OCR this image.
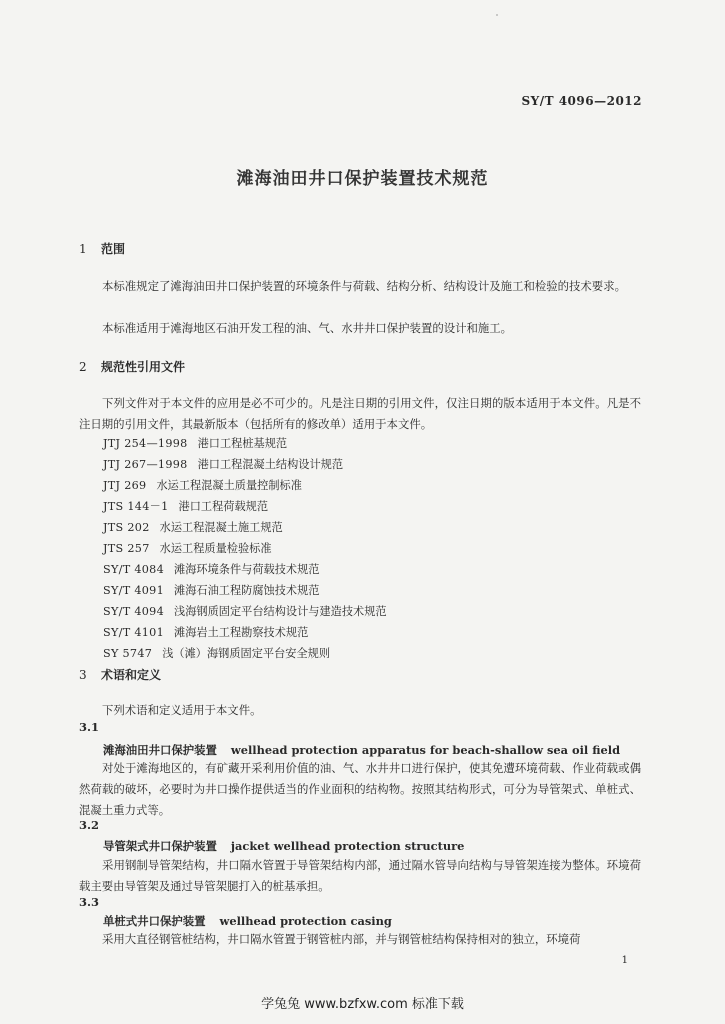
SY/T 4096—2012
滩海油田井口保护装置技术规范
1 范围
本标准规定了滩海油田井口保护装置的环境条件与荷载、结构分析、结构设计及施工和检验的技术要求。
本标准适用于滩海地区石油开发工程的油、气、水井井口保护装置的设计和施工。
2 规范性引用文件
下列文件对于本文件的应用是必不可少的。凡是注日期的引用文件，仅注日期的版本适用于本文件。凡是不注日期的引用文件，其最新版本（包括所有的修改单）适用于本文件。
JTJ 254—1998 港口工程桩基规范
JTJ 267—1998 港口工程混凝土结构设计规范
JTJ 269 水运工程混凝土质量控制标准
JTS 144－1 港口工程荷载规范
JTS 202 水运工程混凝土施工规范
JTS 257 水运工程质量检验标准
SY/T 4084 滩海环境条件与荷载技术规范
SY/T 4091 滩海石油工程防腐蚀技术规范
SY/T 4094 浅海钢质固定平台结构设计与建造技术规范
SY/T 4101 滩海岩土工程勘察技术规范
SY 5747 浅（滩）海钢质固定平台安全规则
3 术语和定义
下列术语和定义适用于本文件。
3.1
滩海油田井口保护装置 wellhead protection apparatus for beach-shallow sea oil field
对处于滩海地区的，有矿藏开采利用价值的油、气、水井井口进行保护，使其免遭环境荷载、作业荷载或偶然荷载的破坏，必要时为井口操作提供适当的作业面积的结构物。按照其结构形式，可分为导管架式、单桩式、混凝土重力式等。
3.2
导管架式井口保护装置 jacket wellhead protection structure
采用钢制导管架结构，井口隔水管置于导管架结构内部，通过隔水管导向结构与导管架连接为整体。环境荷载主要由导管架及通过导管架腿打入的桩基承担。
3.3
单桩式井口保护装置 wellhead protection casing
采用大直径钢管桩结构，井口隔水管置于钢管桩内部，并与钢管桩结构保持相对的独立，环境荷
1
学兔兔 www.bzfxw.com 标准下载
